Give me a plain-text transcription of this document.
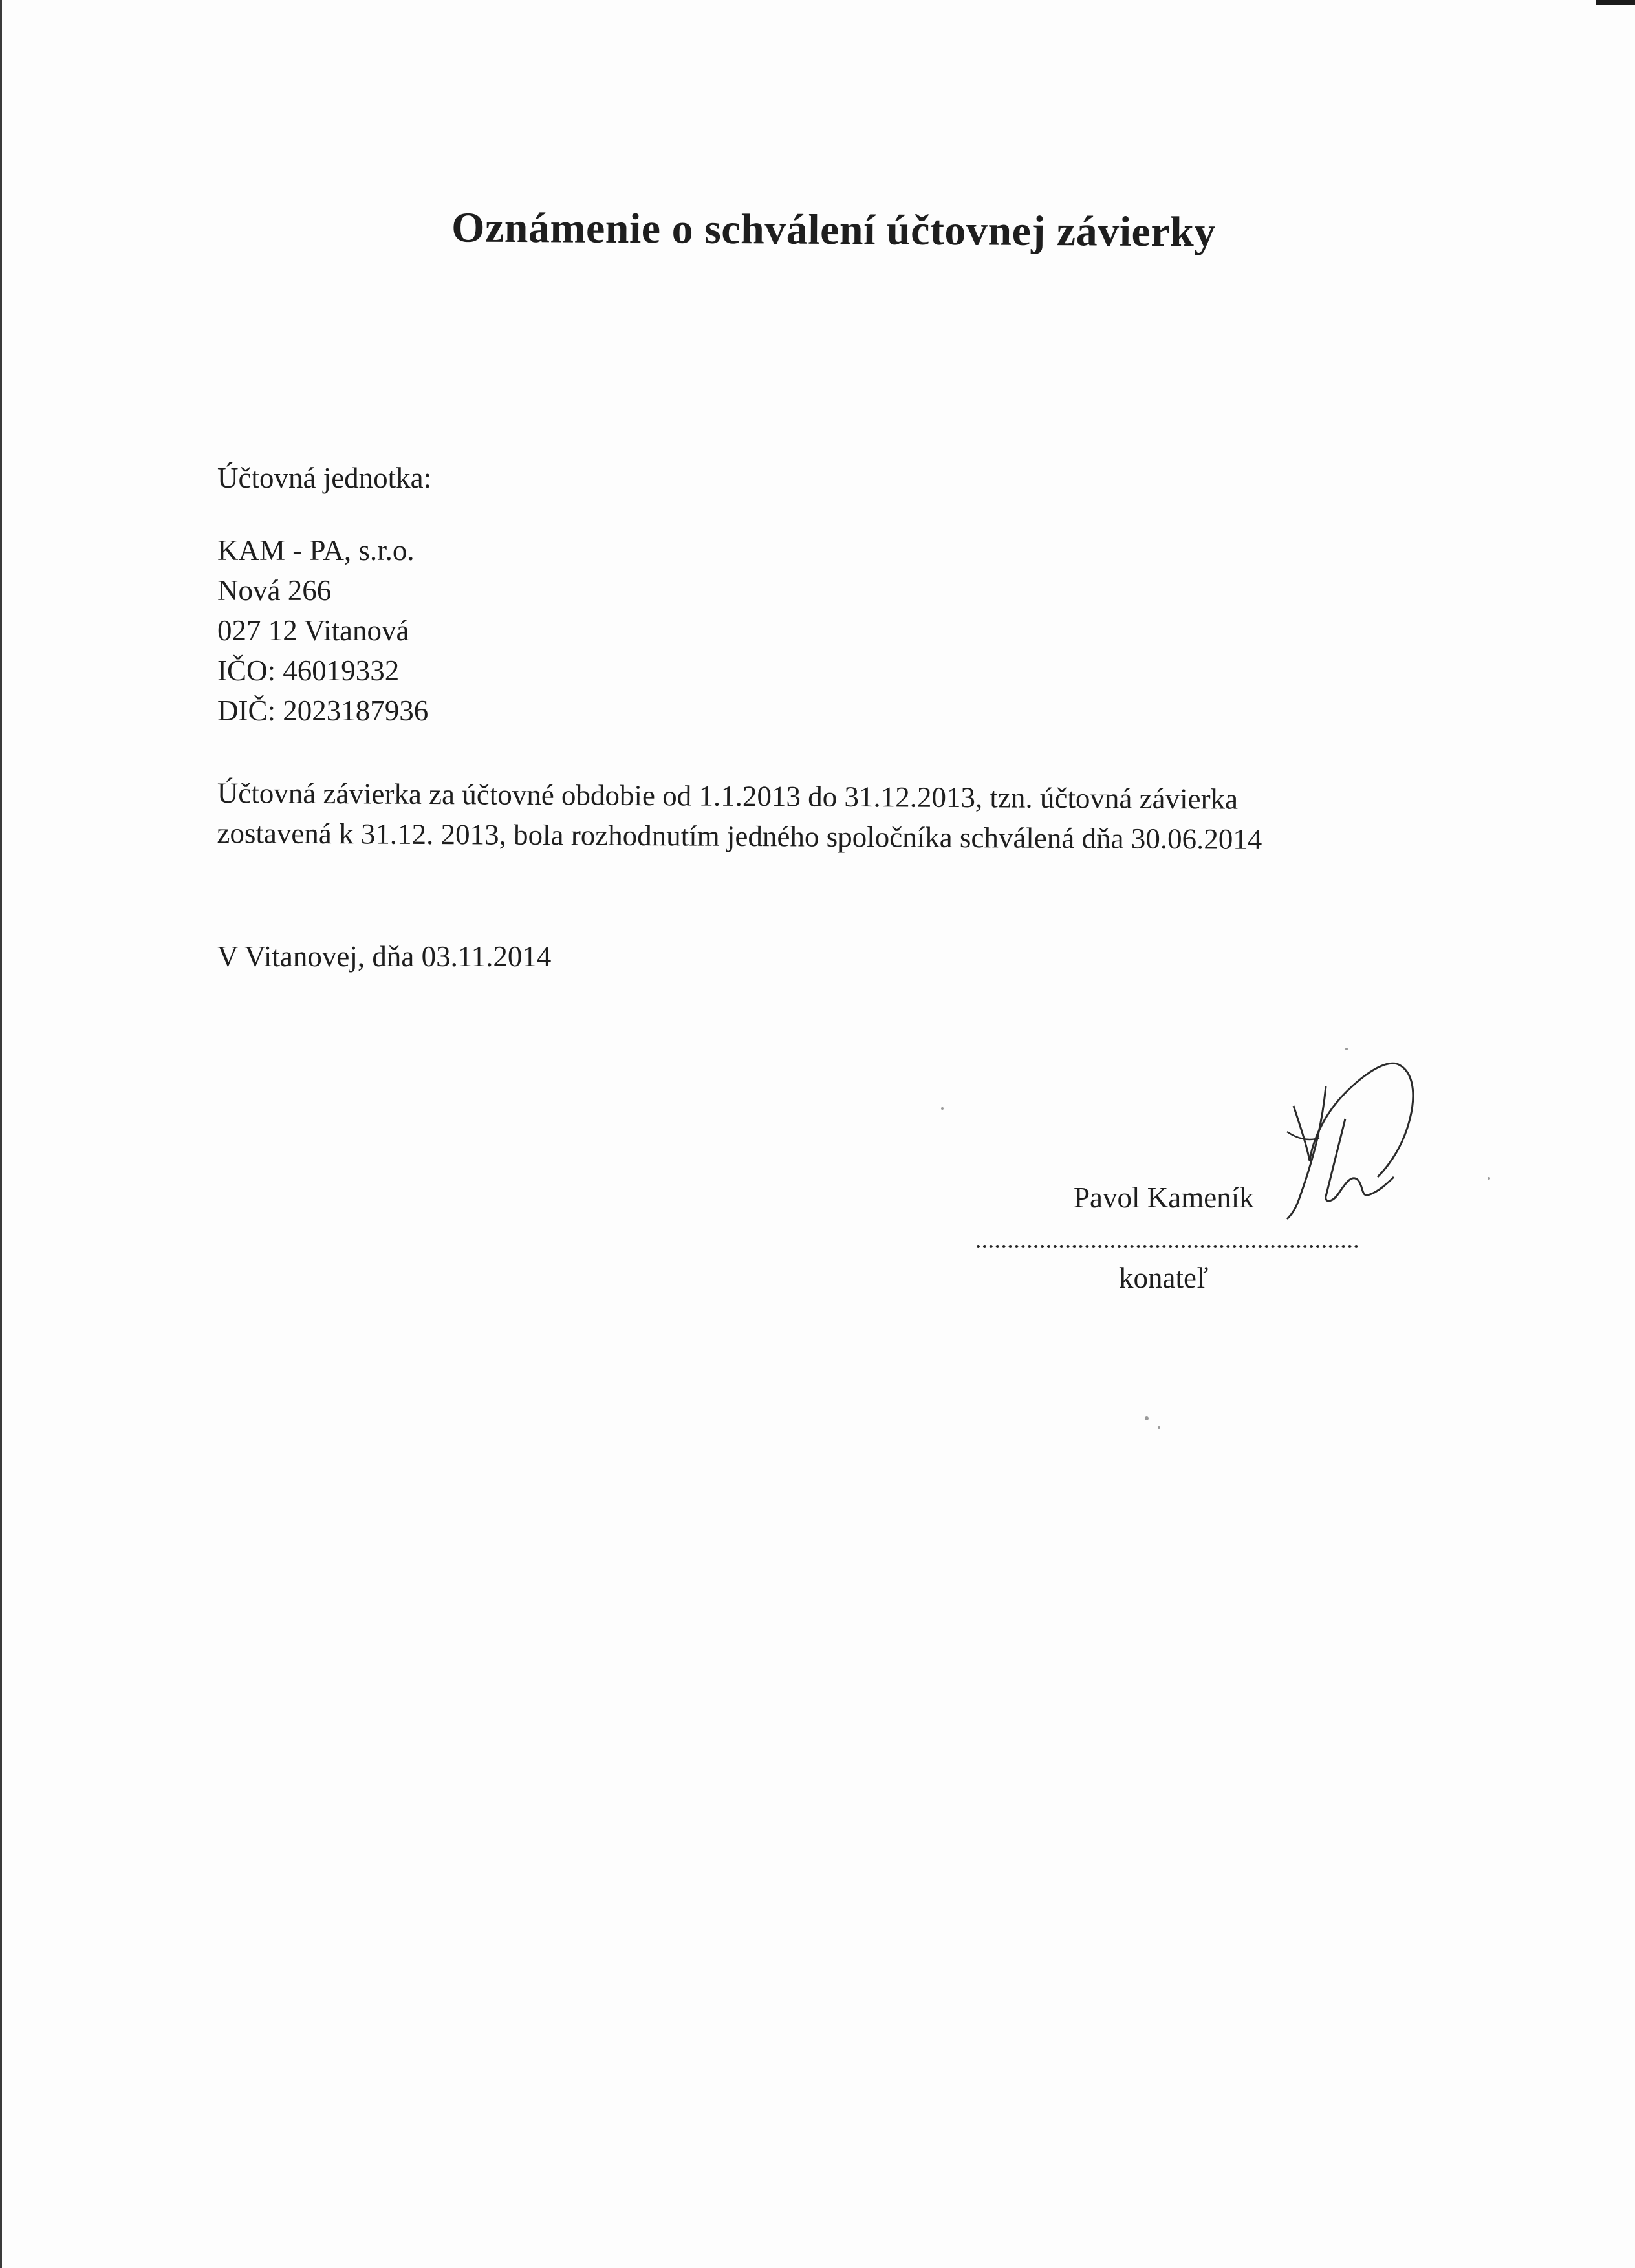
Oznámenie o schválení účtovnej závierky
Účtovná jednotka:
KAM - PA, s.r.o.
Nová 266
027 12 Vitanová
IČO: 46019332
DIČ: 2023187936
Účtovná závierka za účtovné obdobie od 1.1.2013 do 31.12.2013, tzn. účtovná závierka
zostavená k 31.12. 2013, bola rozhodnutím jedného spoločníka schválená dňa 30.06.2014
V Vitanovej, dňa 03.11.2014
Pavol Kameník
konateľ
